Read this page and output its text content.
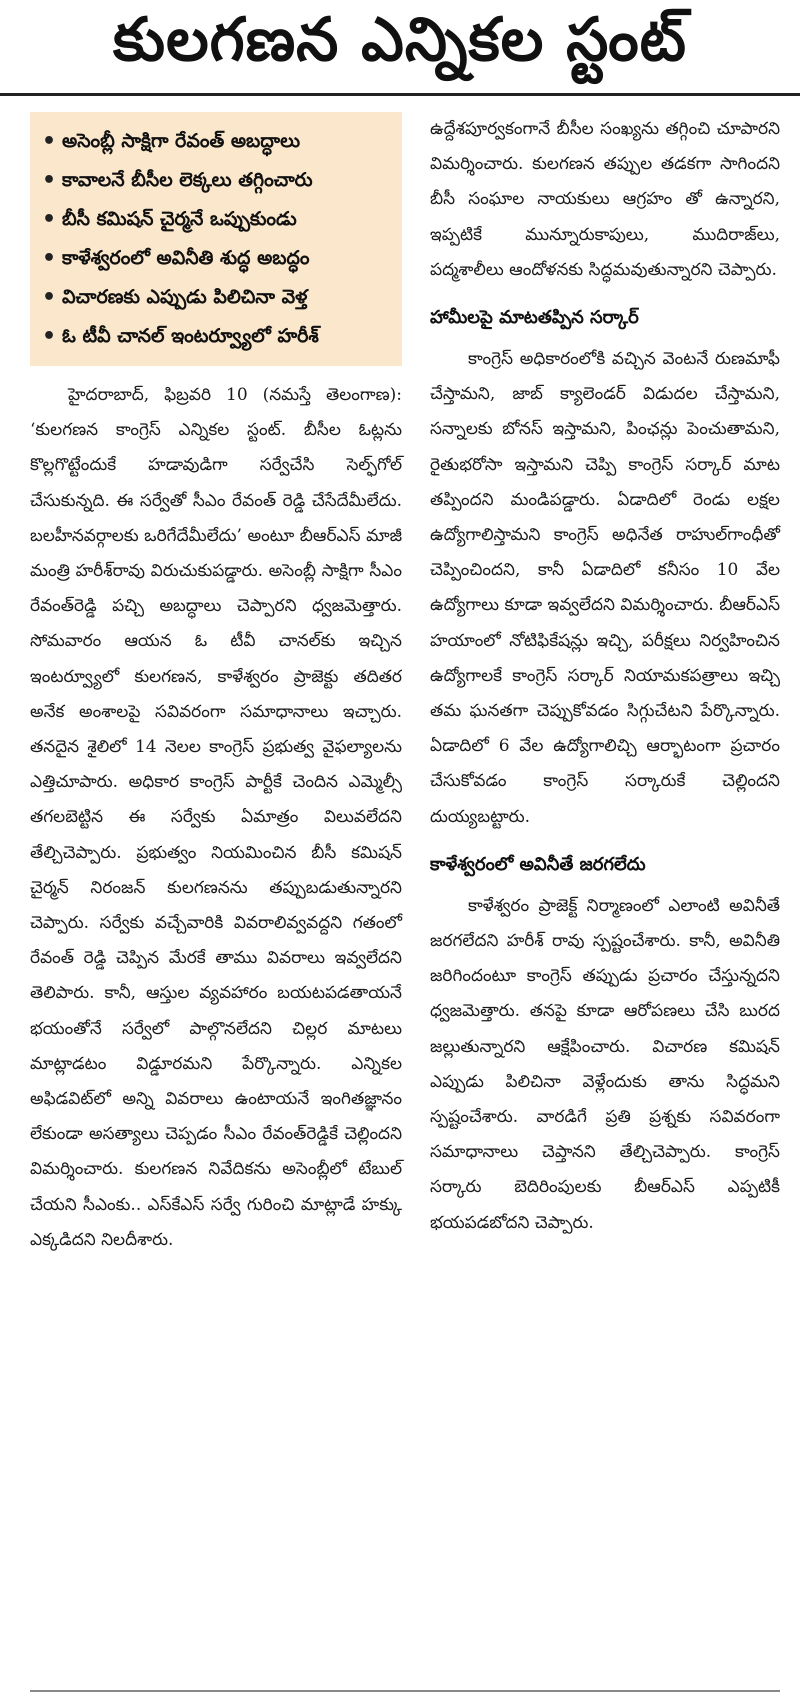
కులగణన ఎన్నికల స్టంట్
• అసెంబ్లీ సాక్షిగా రేవంత్ అబద్ధాలు
• కావాలనే బీసీల లెక్కలు తగ్గించారు
• బీసీ కమిషన్ చైర్మనే ఒప్పుకుండు
• కాళేశ్వరంలో అవినీతి శుద్ధ అబద్ధం
• విచారణకు ఎప్పుడు పిలిచినా వెళ్త
• ఓ టీవీ చానల్ ఇంటర్వ్యూలో హరీశ్

హైదరాబాద్, ఫిబ్రవరి 10 (నమస్తే తెలంగాణ): ‘కులగణన కాంగ్రెస్ ఎన్నికల స్టంట్. బీసీల ఓట్లను కొల్లగొట్టేందుకే హడావుడిగా సర్వేచేసి సెల్ఫ్‌గోల్ చేసుకున్నది. ఈ సర్వేతో సీఎం రేవంత్ రెడ్డి చేసేదేమీలేదు. బలహీనవర్గాలకు ఒరిగేదేమీలేదు’ అంటూ బీఆర్ఎస్ మాజీ మంత్రి హరీశ్‌రావు విరుచుకుపడ్డారు. అసెంబ్లీ సాక్షిగా సీఎం రేవంత్‌రెడ్డి పచ్చి అబద్ధాలు చెప్పారని ధ్వజమెత్తారు. సోమవారం ఆయన ఓ టీవీ చానల్‌కు ఇచ్చిన ఇంటర్వ్యూలో కులగణన, కాళేశ్వరం ప్రాజెక్టు తదితర అనేక అంశాలపై సవివరంగా సమాధానాలు ఇచ్చారు. తనదైన శైలిలో 14 నెలల కాంగ్రెస్ ప్రభుత్వ వైఫల్యాలను ఎత్తిచూపారు. అధికార కాంగ్రెస్ పార్టీకే చెందిన ఎమ్మెల్సీ తగలబెట్టిన ఈ సర్వేకు ఏమాత్రం విలువలేదని తేల్చిచెప్పారు. ప్రభుత్వం నియమించిన బీసీ కమిషన్ చైర్మన్ నిరంజన్ కులగణనను తప్పుబడుతున్నారని చెప్పారు. సర్వేకు వచ్చేవారికి వివరాలివ్వవద్దని గతంలో రేవంత్ రెడ్డి చెప్పిన మేరకే తాము వివరాలు ఇవ్వలేదని తెలిపారు. కానీ, ఆస్తుల వ్యవహారం బయటపడతాయనే భయంతోనే సర్వేలో పాల్గొనలేదని చిల్లర మాటలు మాట్లాడటం విడ్డూరమని పేర్కొన్నారు. ఎన్నికల అఫిడవిట్‌లో అన్ని వివరాలు ఉంటాయనే ఇంగితజ్ఞానం లేకుండా అసత్యాలు చెప్పడం సీఎం రేవంత్‌రెడ్డికే చెల్లిందని విమర్శించారు. కులగణన నివేదికను అసెంబ్లీలో టేబుల్ చేయని సీఎంకు.. ఎస్‌కేఎస్ సర్వే గురించి మాట్లాడే హక్కు ఎక్కడిదని నిలదీశారు.

ఉద్దేశపూర్వకంగానే బీసీల సంఖ్యను తగ్గించి చూపారని విమర్శించారు. కులగణన తప్పుల తడకగా సాగిందని బీసీ సంఘాల నాయకులు ఆగ్రహం తో ఉన్నారని, ఇప్పటికే మున్నూరుకాపులు, ముదిరాజ్‌లు, పద్మశాలీలు ఆందోళనకు సిద్ధమవుతున్నారని చెప్పారు.

హామీలపై మాటతప్పిన సర్కార్

కాంగ్రెస్ అధికారంలోకి వచ్చిన వెంటనే రుణమాఫీ చేస్తామని, జాబ్ క్యాలెండర్ విడుదల చేస్తామని, సన్నాలకు బోనస్ ఇస్తామని, పింఛన్లు పెంచుతామని, రైతుభరోసా ఇస్తామని చెప్పి కాంగ్రెస్ సర్కార్ మాట తప్పిందని మండిపడ్డారు. ఏడాదిలో రెండు లక్షల ఉద్యోగాలిస్తామని కాంగ్రెస్ అధినేత రాహుల్‌గాంధీతో చెప్పించిందని, కానీ ఏడాదిలో కనీసం 10 వేల ఉద్యోగాలు కూడా ఇవ్వలేదని విమర్శించారు. బీఆర్ఎస్ హయాంలో నోటిఫికేషన్లు ఇచ్చి, పరీక్షలు నిర్వహించిన ఉద్యోగాలకే కాంగ్రెస్ సర్కార్ నియామకపత్రాలు ఇచ్చి తమ ఘనతగా చెప్పుకోవడం సిగ్గుచేటని పేర్కొన్నారు. ఏడాదిలో 6 వేల ఉద్యోగాలిచ్చి ఆర్భాటంగా ప్రచారం చేసుకోవడం కాంగ్రెస్ సర్కారుకే చెల్లిందని దుయ్యబట్టారు.

కాళేశ్వరంలో అవినీతే జరగలేదు

కాళేశ్వరం ప్రాజెక్ట్ నిర్మాణంలో ఎలాంటి అవినీతే జరగలేదని హరీశ్ రావు స్పష్టంచేశారు. కానీ, అవినీతి జరిగిందంటూ కాంగ్రెస్ తప్పుడు ప్రచారం చేస్తున్నదని ధ్వజమెత్తారు. తనపై కూడా ఆరోపణలు చేసి బురద జల్లుతున్నారని ఆక్షేపించారు. విచారణ కమిషన్ ఎప్పుడు పిలిచినా వెళ్లేందుకు తాను సిద్ధమని స్పష్టంచేశారు. వారడిగే ప్రతి ప్రశ్నకు సవివరంగా సమాధానాలు చెప్తానని తేల్చిచెప్పారు. కాంగ్రెస్ సర్కారు బెదిరింపులకు బీఆర్ఎస్ ఎప్పటికీ భయపడబోదని చెప్పారు.
